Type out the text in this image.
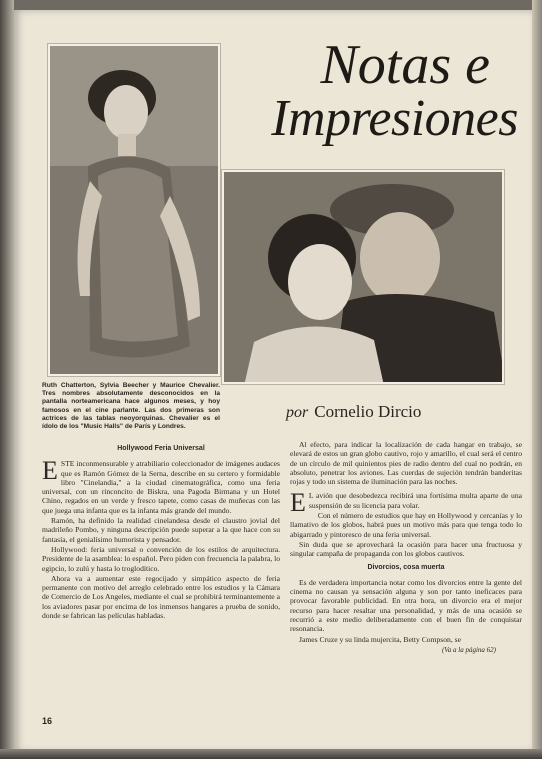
Notas e
Impresiones
Ruth Chatterton, Sylvia Beecher y Maurice Chevalier. Tres nombres absolutamente desconocidos en la pantalla norteamericana hace algunos meses, y hoy famosos en el cine parlante. Las dos primeras son actrices de las tablas neoyorquinas. Chevalier es el ídolo de los "Music Halls" de París y Londres.
por Cornelio Dircio
Hollywood Feria Universal

ESTE inconmensurable y atrabiliario coleccionador de imágenes audaces que es Ramón Gómez de la Serna, describe en su certero y formidable libro "Cinelandia," a la ciudad cinematográfica, como una feria universal, con un rinconcito de Biskra, una Pagoda Birmana y un Hotel Chino, regados en un verde y fresco tapete, como casas de muñecas con las que juega una infanta que es la infanta más grande del mundo.

Ramón, ha definido la realidad cinelandesa desde el claustro jovial del madrileño Pombo, y ninguna descripción puede superar a la que hace con su fantasía, el genialísimo humorista y pensador.

Hollywood: feria universal o convención de los estilos de arquitectura. Presidente de la asamblea: lo español. Pero piden con frecuencia la palabra, lo egipcio, lo zulú y hasta lo troglodítico.

Ahora va a aumentar este regocijado y simpático aspecto de feria permanente con motivo del arreglo celebrado entre los estudios y la Cámara de Comercio de Los Angeles, mediante el cual se prohibirá terminantemente a los aviadores pasar por encima de los inmensos hangares a prueba de sonido, donde se fabrican las películas habladas.

Al efecto, para indicar la localización de cada hangar en trabajo, se elevará de estos un gran globo cautivo, rojo y amarillo, el cual será el centro de un círculo de mil quinientos pies de radio dentro del cual no podrán, en absoluto, penetrar los aviones. Las cuerdas de sujeción tendrán banderitas rojas y todo un sistema de iluminación para las noches.

E L avión que desobedezca recibirá una fortísima multa aparte de una suspensión de su licencia para volar.

Con el número de estudios que hay en Hollywood y cercanías y lo llamativo de los globos, habrá pues un motivo más para que tenga todo lo abigarrado y pintoresco de una feria universal.

Sin duda que se aprovechará la ocasión para hacer una fructuosa y singular campaña de propaganda con los globos cautivos.

Divorcios, cosa muerta

Es de verdadera importancia notar como los divorcios entre la gente del cinema no causan ya sensación alguna y son por tanto ineficaces para provocar favorable publicidad. En otra hora, un divorcio era el mejor recurso para hacer resaltar una personalidad, y más de una ocasión se recurrió a este medio deliberadamente con el buen fin de conquistar resonancia.

James Cruze y su linda mujercita, Betty Compson, se

(Va a la página 62)
16
